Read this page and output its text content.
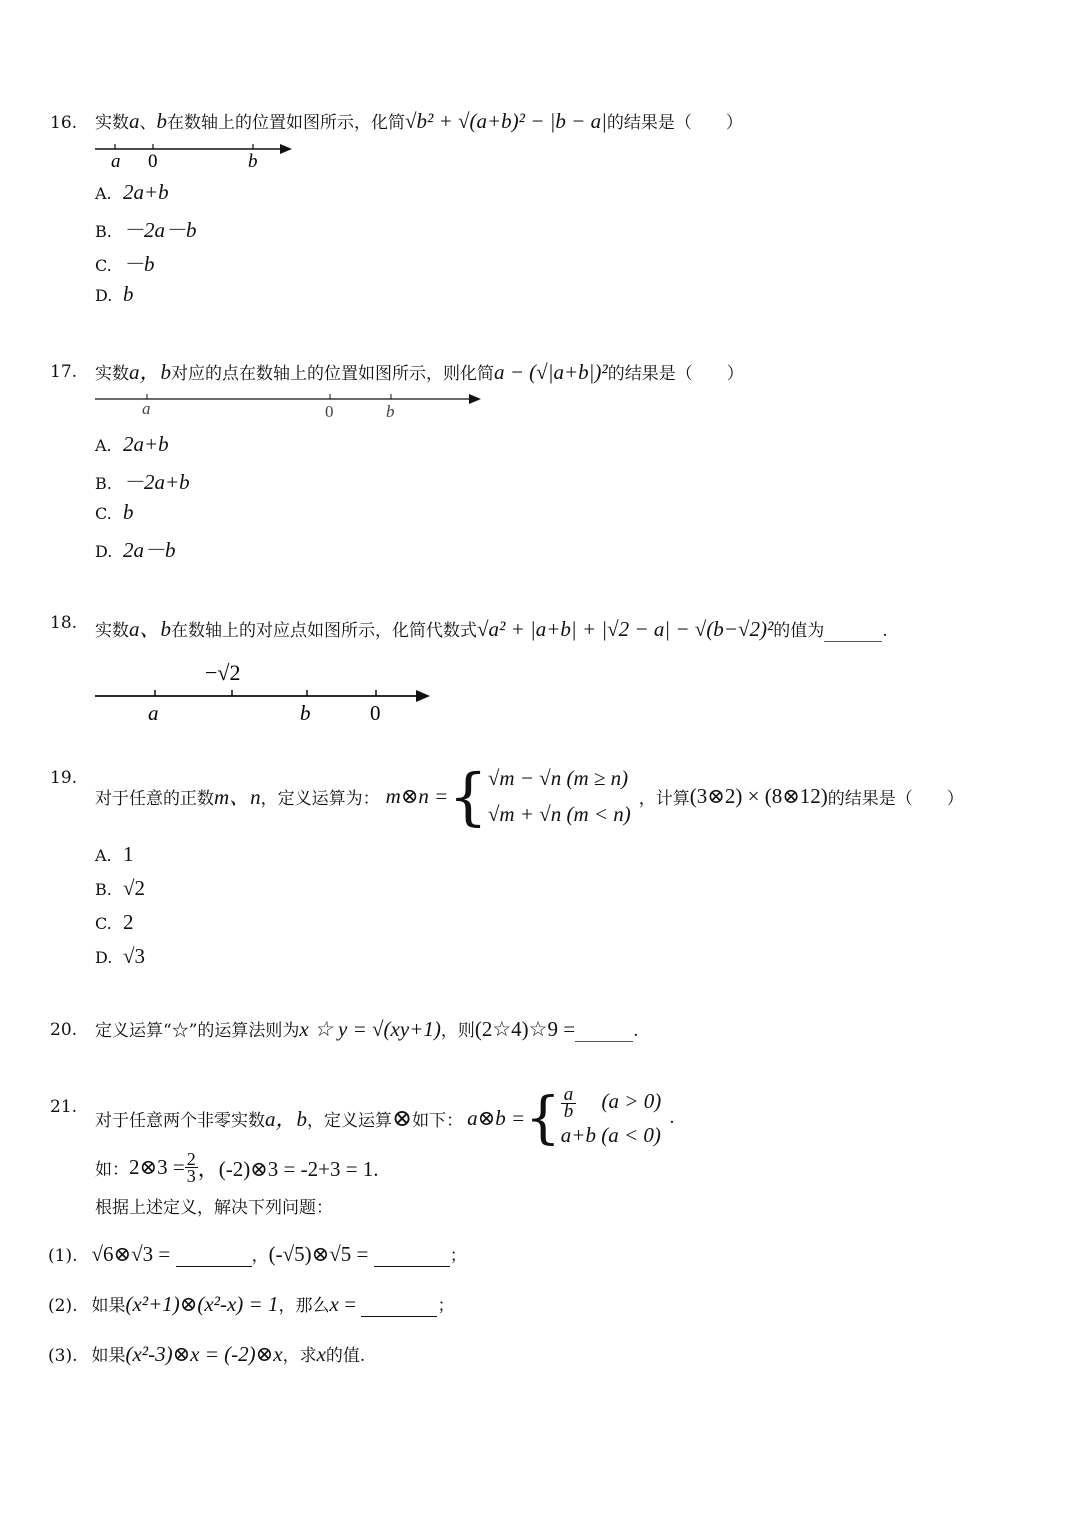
16. 实数a、b在数轴上的位置如图所示，化简√b² + √(a+b)² − |b − a|的结果是（　　）
a 0	b
A. 2a+b
B. －2a－b
C. －b
D. b
17. 实数a，b对应的点在数轴上的位置如图所示，则化简a − (√|a+b|)²的结果是（　　）
a	0	b
A. 2a+b
B. －2a+b
C. b
D. 2a－b
18. 实数a、b在数轴上的对应点如图所示，化简代数式√a² + |a+b| + |√2 − a| − √(b−√2)²的值为	.
−√2
a	b	0
19.
对于任意的正数 m、n ，定义运算为： m⊗n = { √m − √n (m ≥ n)
√m + √n (m < n)
，计算 (3⊗2) × (8⊗12) 的结果是（　　）
A. 1
B. √2
C. 2
D. √3
20. 定义运算“☆”的运算法则为x ☆ y = √(xy+1)，则(2☆4)☆9 =	.
21.
对于任意两个非零实数 a，b ，定义运算 ⊗ 如下： a⊗b = { $\frac{a}{b} (a > 0)$
a+b (a < 0)
.
如： 2⊗3 = $\frac{2}{3}$ ，(-2)⊗3 = -2+3 = 1.
根据上述定义，解决下列问题：
(1). √6⊗√3 =	，(-√5)⊗√5 =	；
(2). 如果(x²+1)⊗(x²-x) = 1，那么x =	；
(3). 如果(x²-3)⊗x = (-2)⊗x，求x的值.
